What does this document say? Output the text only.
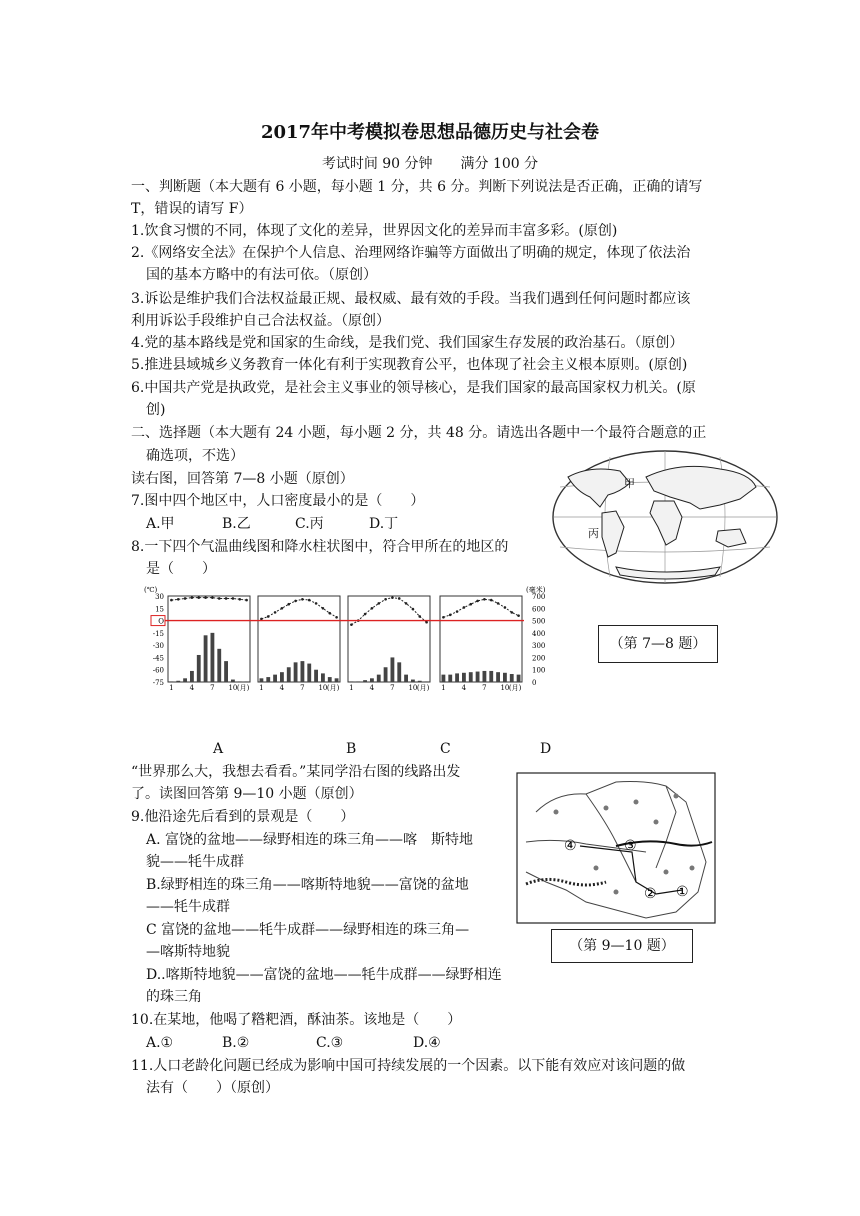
2017年中考模拟卷思想品德历史与社会卷
考试时间 90 分钟　　满分 100 分
一、判断题（本大题有 6 小题，每小题 1 分，共 6 分。判断下列说法是否正确，正确的请写
T，错误的请写 F）
1.饮食习惯的不同，体现了文化的差异，世界因文化的差异而丰富多彩。(原创)
2.《网络安全法》在保护个人信息、治理网络诈骗等方面做出了明确的规定，体现了依法治
国的基本方略中的有法可依。（原创）
3.诉讼是维护我们合法权益最正规、最权威、最有效的手段。当我们遇到任何问题时都应该
利用诉讼手段维护自己合法权益。（原创）
4.党的基本路线是党和国家的生命线，是我们党、我们国家生存发展的政治基石。（原创）
5.推进县域城乡义务教育一体化有利于实现教育公平，也体现了社会主义根本原则。(原创)
6.中国共产党是执政党，是社会主义事业的领导核心，是我们国家的最高国家权力机关。(原
创)
二、选择题（本大题有 24 小题，每小题 2 分，共 48 分。请选出各题中一个最符合题意的正
确选项，不选）
读右图，回答第 7—8 小题（原创）
7.图中四个地区中，人口密度最小的是（　　）
A.甲	B.乙	C.丙	D.丁
8.一下四个气温曲线图和降水柱状图中，符合甲所在的地区的
是（　　）
甲
丙
(℃)
30
15
O
-15
-30
-45
-60
-75
(毫米)
700
600
500
400
300
200
100
0
1 4 7 10 (月) 1 4 7 10 (月) 1 4 7 10 (月) 1 4 7 10 (月)
（第 7—8 题）
A	B	C	D
“世界那么大，我想去看看。”某同学沿右图的线路出发
了。读图回答第 9—10 小题（原创）
9.他沿途先后看到的景观是（　　）
A. 富饶的盆地——绿野相连的珠三角——喀　斯特地
貌——牦牛成群
B.绿野相连的珠三角——喀斯特地貌——富饶的盆地
——牦牛成群
C 富饶的盆地——牦牛成群——绿野相连的珠三角—
—喀斯特地貌
D..喀斯特地貌——富饶的盆地——牦牛成群——绿野相连
的珠三角
10.在某地，他喝了糌粑酒，酥油茶。该地是（　　）
A.①	B.②	C.③	D.④
11.人口老龄化问题已经成为影响中国可持续发展的一个因素。以下能有效应对该问题的做
法有（　　）（原创）
④	③
② ①
（第 9—10 题）
